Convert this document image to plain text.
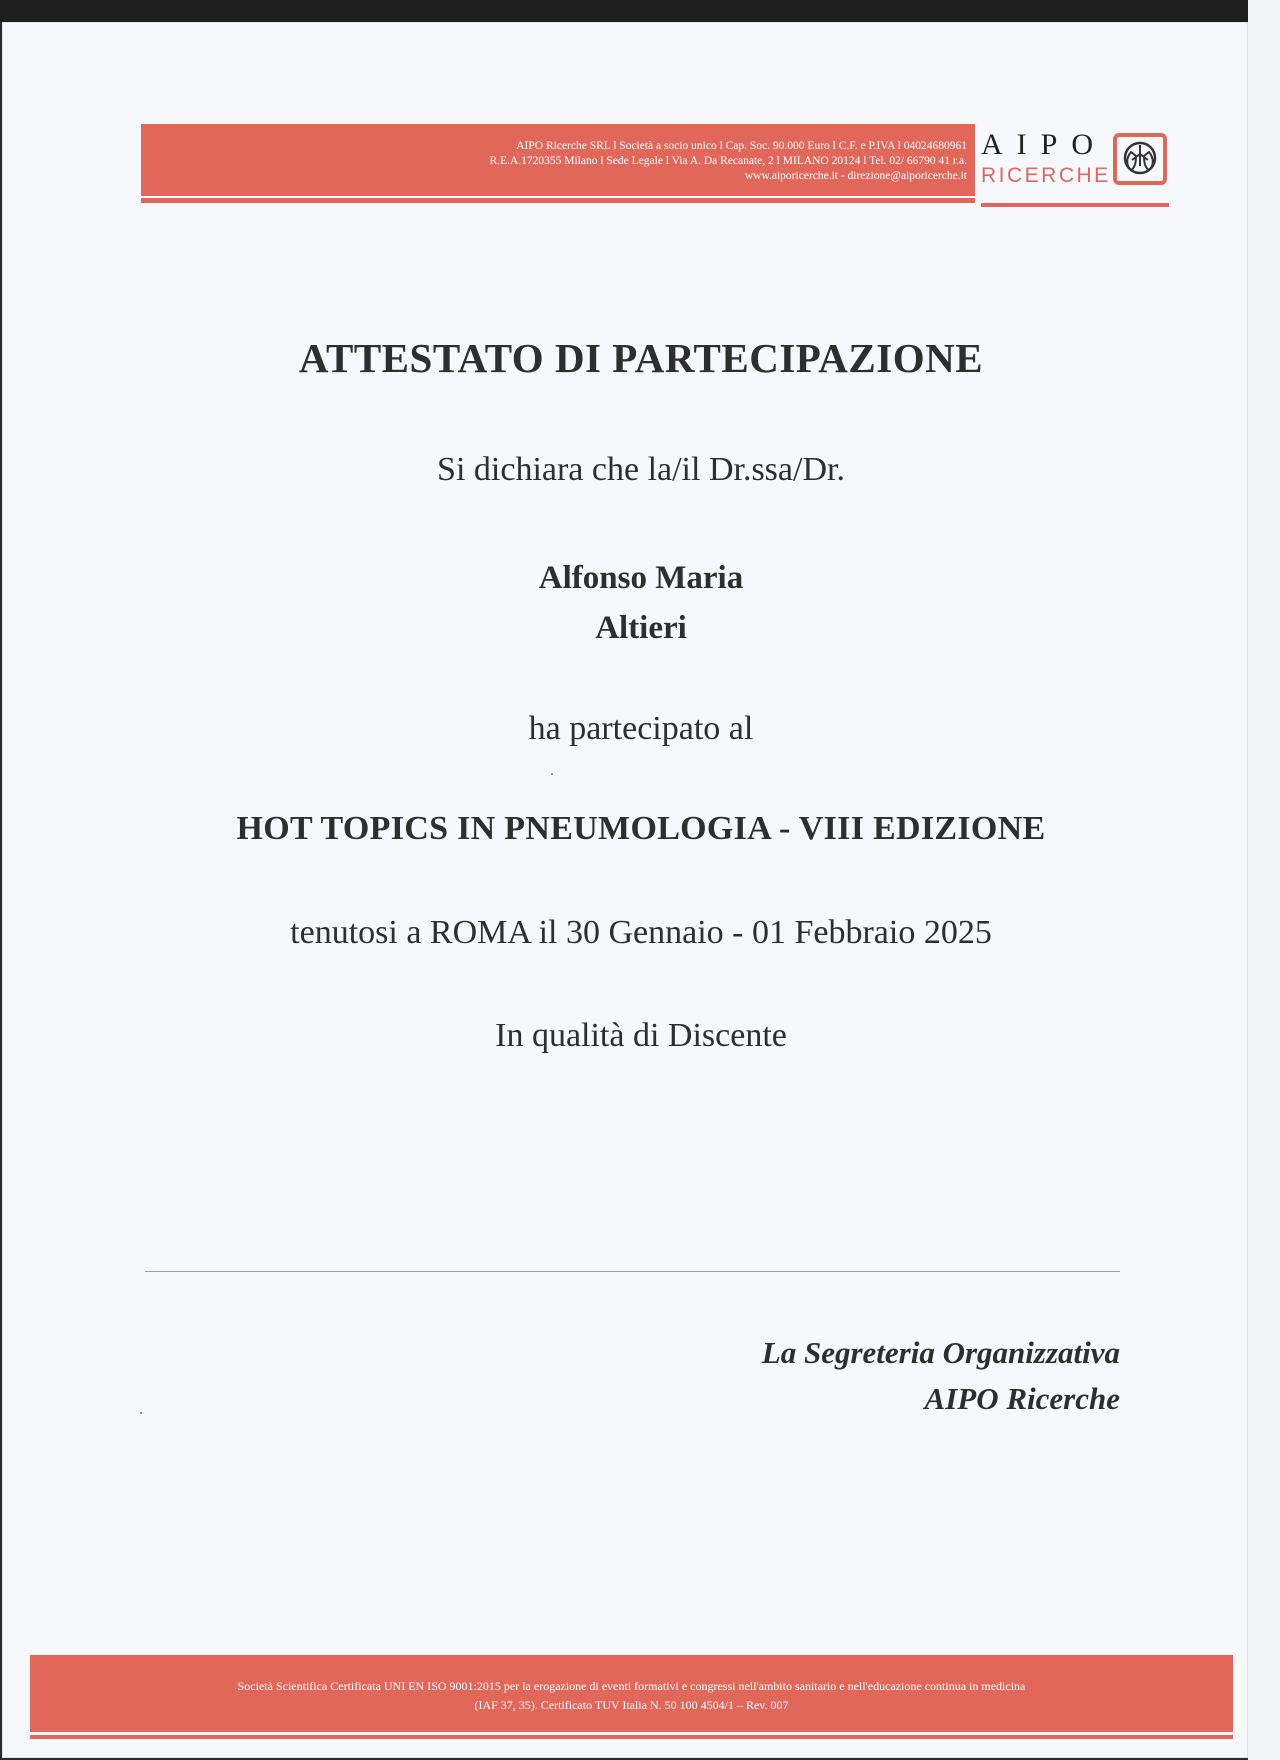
AIPO Ricerche SRL l Società a socio unico l Cap. Soc. 90.000 Euro l C.F. e P.IVA l 04024680961
R.E.A.1720355 Milano l Sede Legale l Via A. Da Recanate, 2 l MILANO 20124 l Tel. 02/ 66790 41 r.a.
www.aiporicerche.it - direzione@aiporicerche.it
AIPO
RICERCHE
ATTESTATO DI PARTECIPAZIONE
Si dichiara che la/il Dr.ssa/Dr.
Alfonso Maria
Altieri
ha partecipato al
HOT TOPICS IN PNEUMOLOGIA - VIII EDIZIONE
tenutosi a ROMA il 30 Gennaio - 01 Febbraio 2025
In qualità di Discente
La Segreteria Organizzativa
AIPO Ricerche
Società Scientifica Certificata UNI EN ISO 9001:2015 per la erogazione di eventi formativi e congressi nell'ambito sanitario e nell'educazione continua in medicina
(IAF 37, 35). Certificato TUV Italia N. 50 100 4504/1 – Rev. 007
